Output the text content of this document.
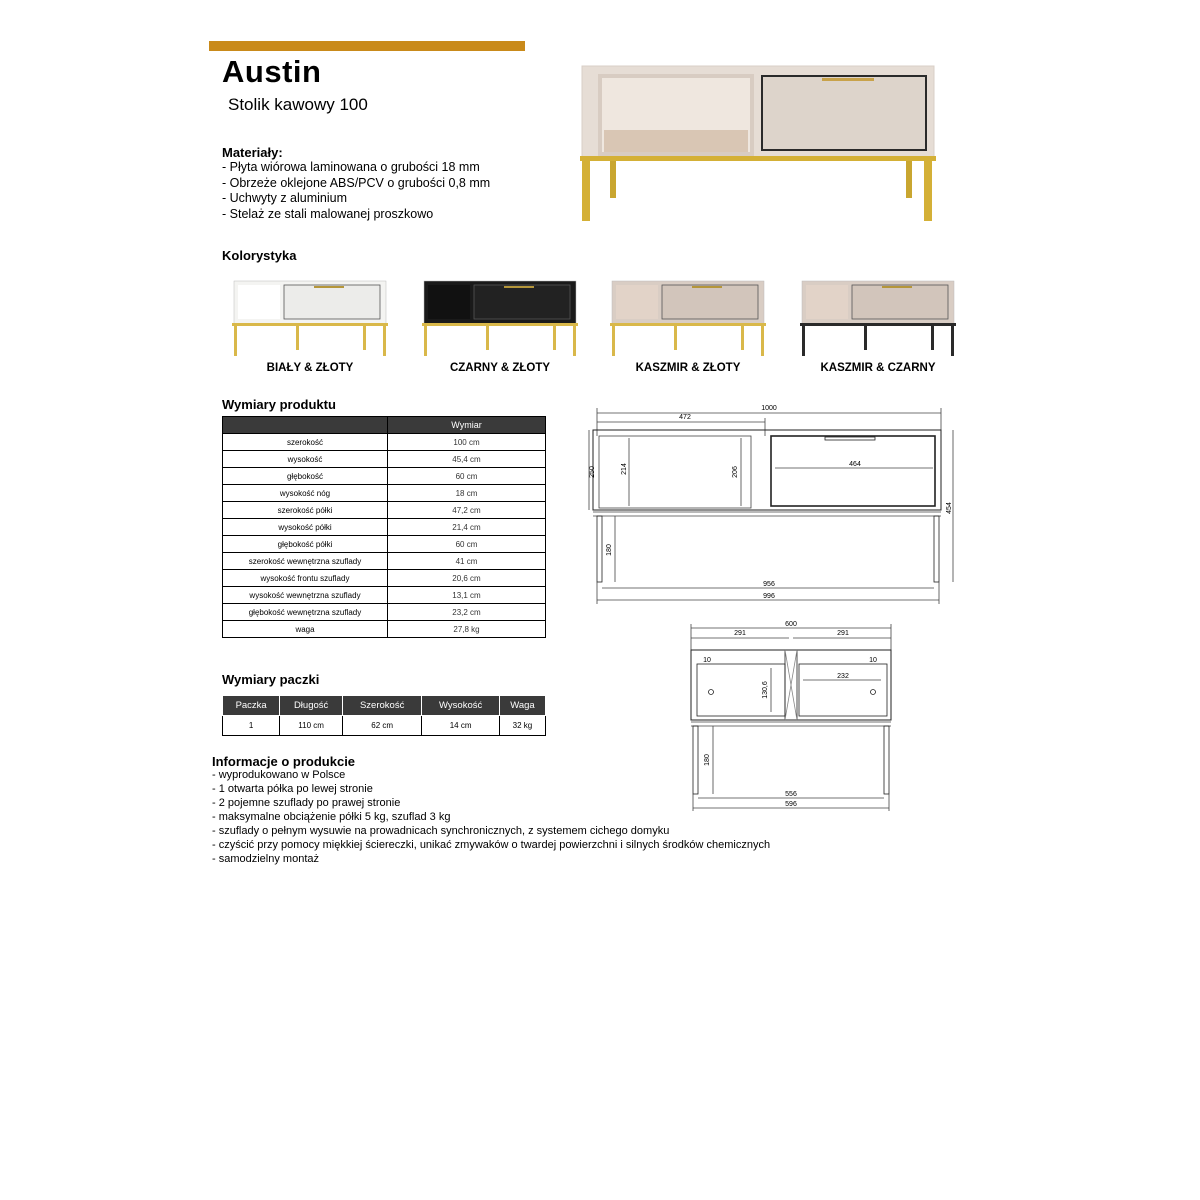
Austin
Stolik kawowy 100
Materiały:
- Płyta wiórowa laminowana o grubości 18 mm
- Obrzeże oklejone ABS/PCV o grubości 0,8 mm
- Uchwyty z aluminium
- Stelaż ze stali malowanej proszkowo
Kolorystyka
BIAŁY & ZŁOTY	CZARNY & ZŁOTY	KASZMIR & ZŁOTY	KASZMIR & CZARNY
Wymiary produktu
	Wymiar
szerokość	100 cm
wysokość	45,4 cm
głębokość	60 cm
wysokość nóg	18 cm
szerokość półki	47,2 cm
wysokość półki	21,4 cm
głębokość półki	60 cm
szerokość wewnętrzna szuflady	41 cm
wysokość frontu szuflady	20,6 cm
wysokość wewnętrzna szuflady	13,1 cm
głębokość wewnętrzna szuflady	23,2 cm
waga	27,8 kg
Wymiary paczki
Paczka	Długość	Szerokość	Wysokość	Waga
1	110 cm	62 cm	14 cm	32 kg
Informacje o produkcie
- wyprodukowano w Polsce
- 1 otwarta półka po lewej stronie
- 2 pojemne szuflady po prawej stronie
- maksymalne obciążenie półki 5 kg, szuflad 3 kg
- szuflady o pełnym wysuwie na prowadnicach synchronicznych, z systemem cichego domyku
- czyścić przy pomocy miękkiej ściereczki, unikać zmywaków o twardej powierzchni i silnych środków chemicznych
- samodzielny montaż
1000
472
464
214	206
250
454
180
956
996
600
291	291
10	10
232
130,6
180
556
596
